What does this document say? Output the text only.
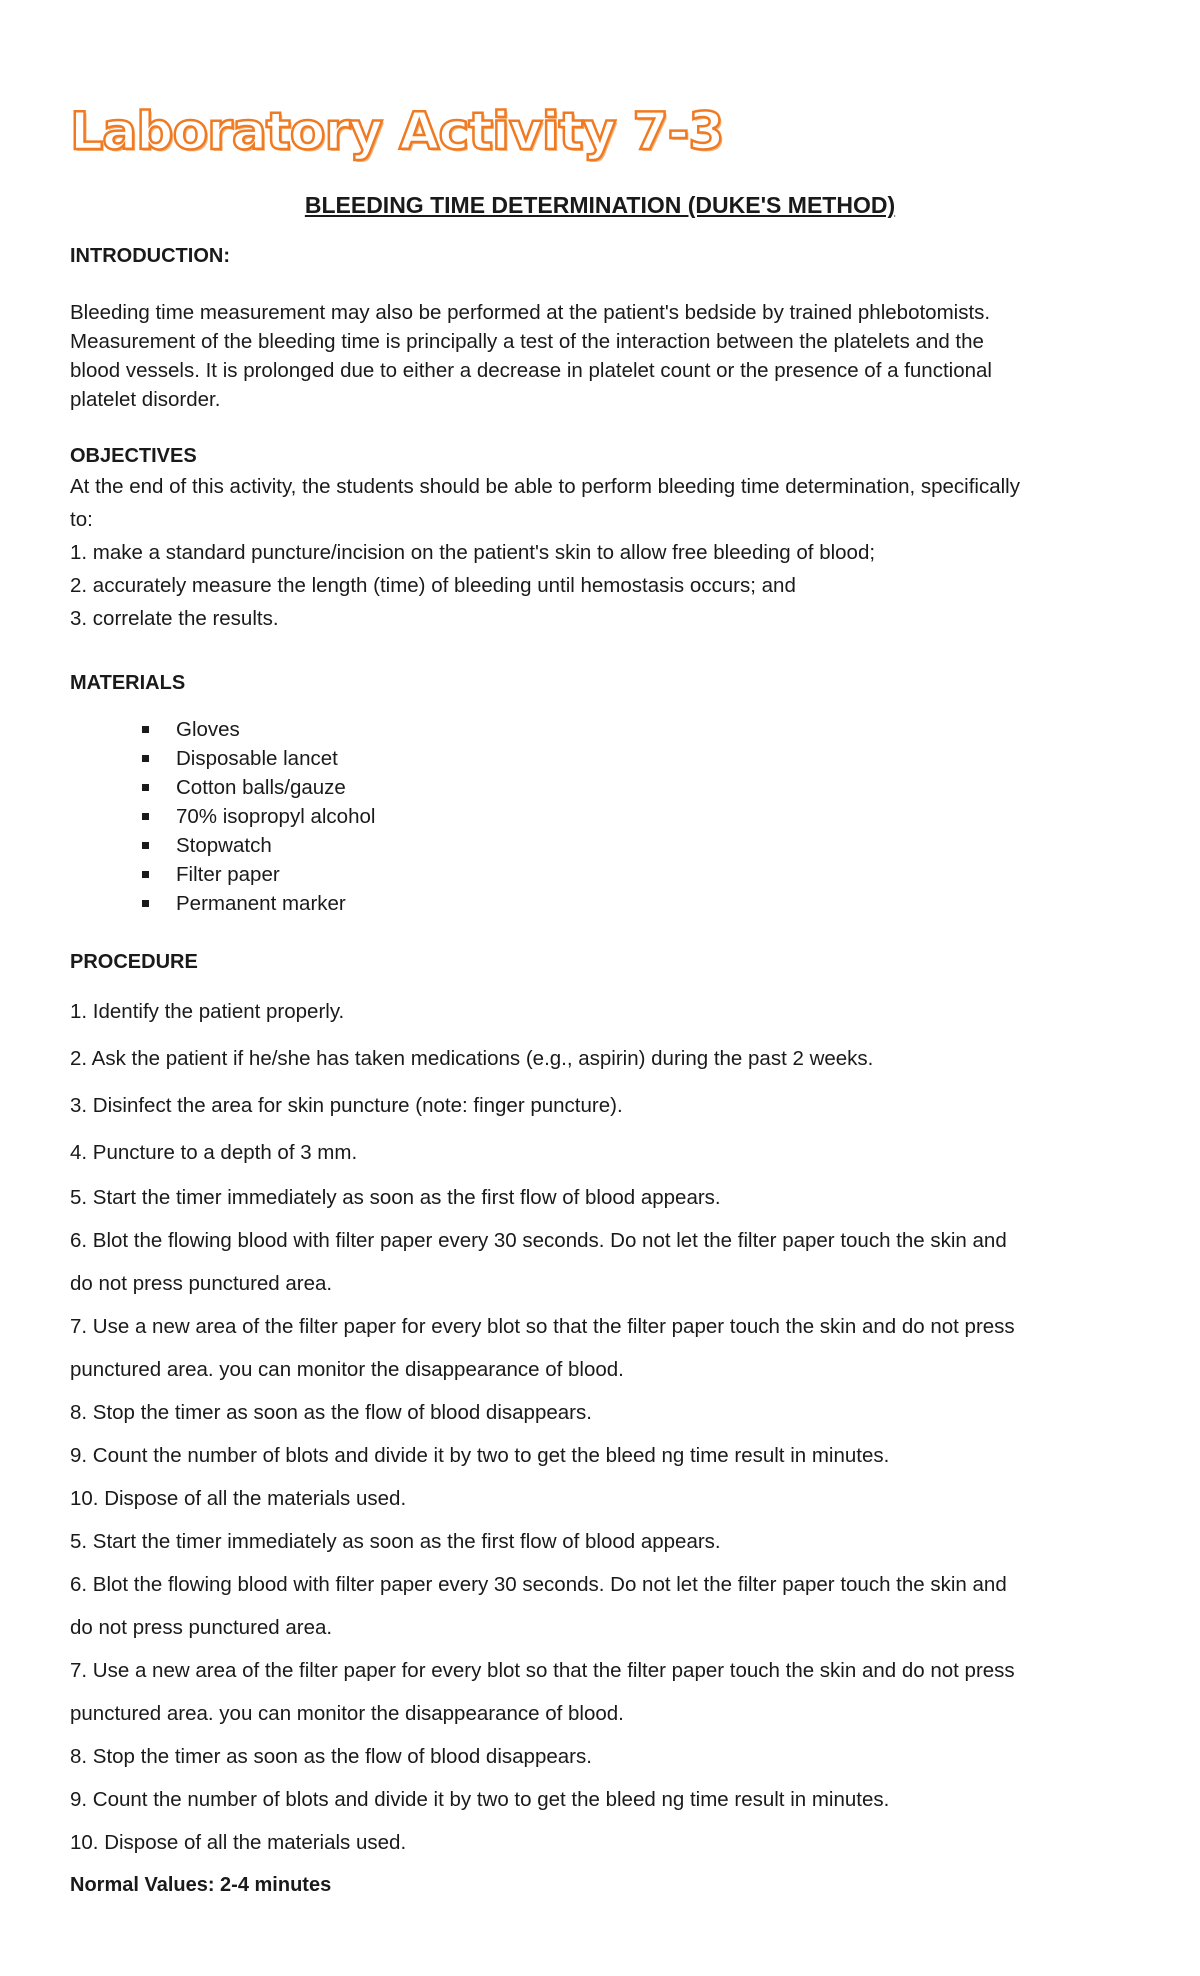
Laboratory Activity 7-3
BLEEDING TIME DETERMINATION (DUKE'S METHOD)
INTRODUCTION:

Bleeding time measurement may also be performed at the patient's bedside by trained phlebotomists.

Measurement of the bleeding time is principally a test of the interaction between the platelets and the

blood vessels. It is prolonged due to either a decrease in platelet count or the presence of a functional

platelet disorder.

OBJECTIVES

At the end of this activity, the students should be able to perform bleeding time determination, specifically

to:

1. make a standard puncture/incision on the patient's skin to allow free bleeding of blood;

2. accurately measure the length (time) of bleeding until hemostasis occurs; and

3. correlate the results.

MATERIALS
Gloves
Disposable lancet
Cotton balls/gauze
70% isopropyl alcohol
Stopwatch
Filter paper
Permanent marker
PROCEDURE

1. Identify the patient properly.

2. Ask the patient if he/she has taken medications (e.g., aspirin) during the past 2 weeks.

3. Disinfect the area for skin puncture (note: finger puncture).

4. Puncture to a depth of 3 mm.

5. Start the timer immediately as soon as the first flow of blood appears.

6. Blot the flowing blood with filter paper every 30 seconds. Do not let the filter paper touch the skin and

do not press punctured area.

7. Use a new area of the filter paper for every blot so that the filter paper touch the skin and do not press

punctured area. you can monitor the disappearance of blood.

8. Stop the timer as soon as the flow of blood disappears.

9. Count the number of blots and divide it by two to get the bleed ng time result in minutes.

10. Dispose of all the materials used.

5. Start the timer immediately as soon as the first flow of blood appears.

6. Blot the flowing blood with filter paper every 30 seconds. Do not let the filter paper touch the skin and

do not press punctured area.

7. Use a new area of the filter paper for every blot so that the filter paper touch the skin and do not press

punctured area. you can monitor the disappearance of blood.

8. Stop the timer as soon as the flow of blood disappears.

9. Count the number of blots and divide it by two to get the bleed ng time result in minutes.

10. Dispose of all the materials used.

Normal Values: 2-4 minutes
